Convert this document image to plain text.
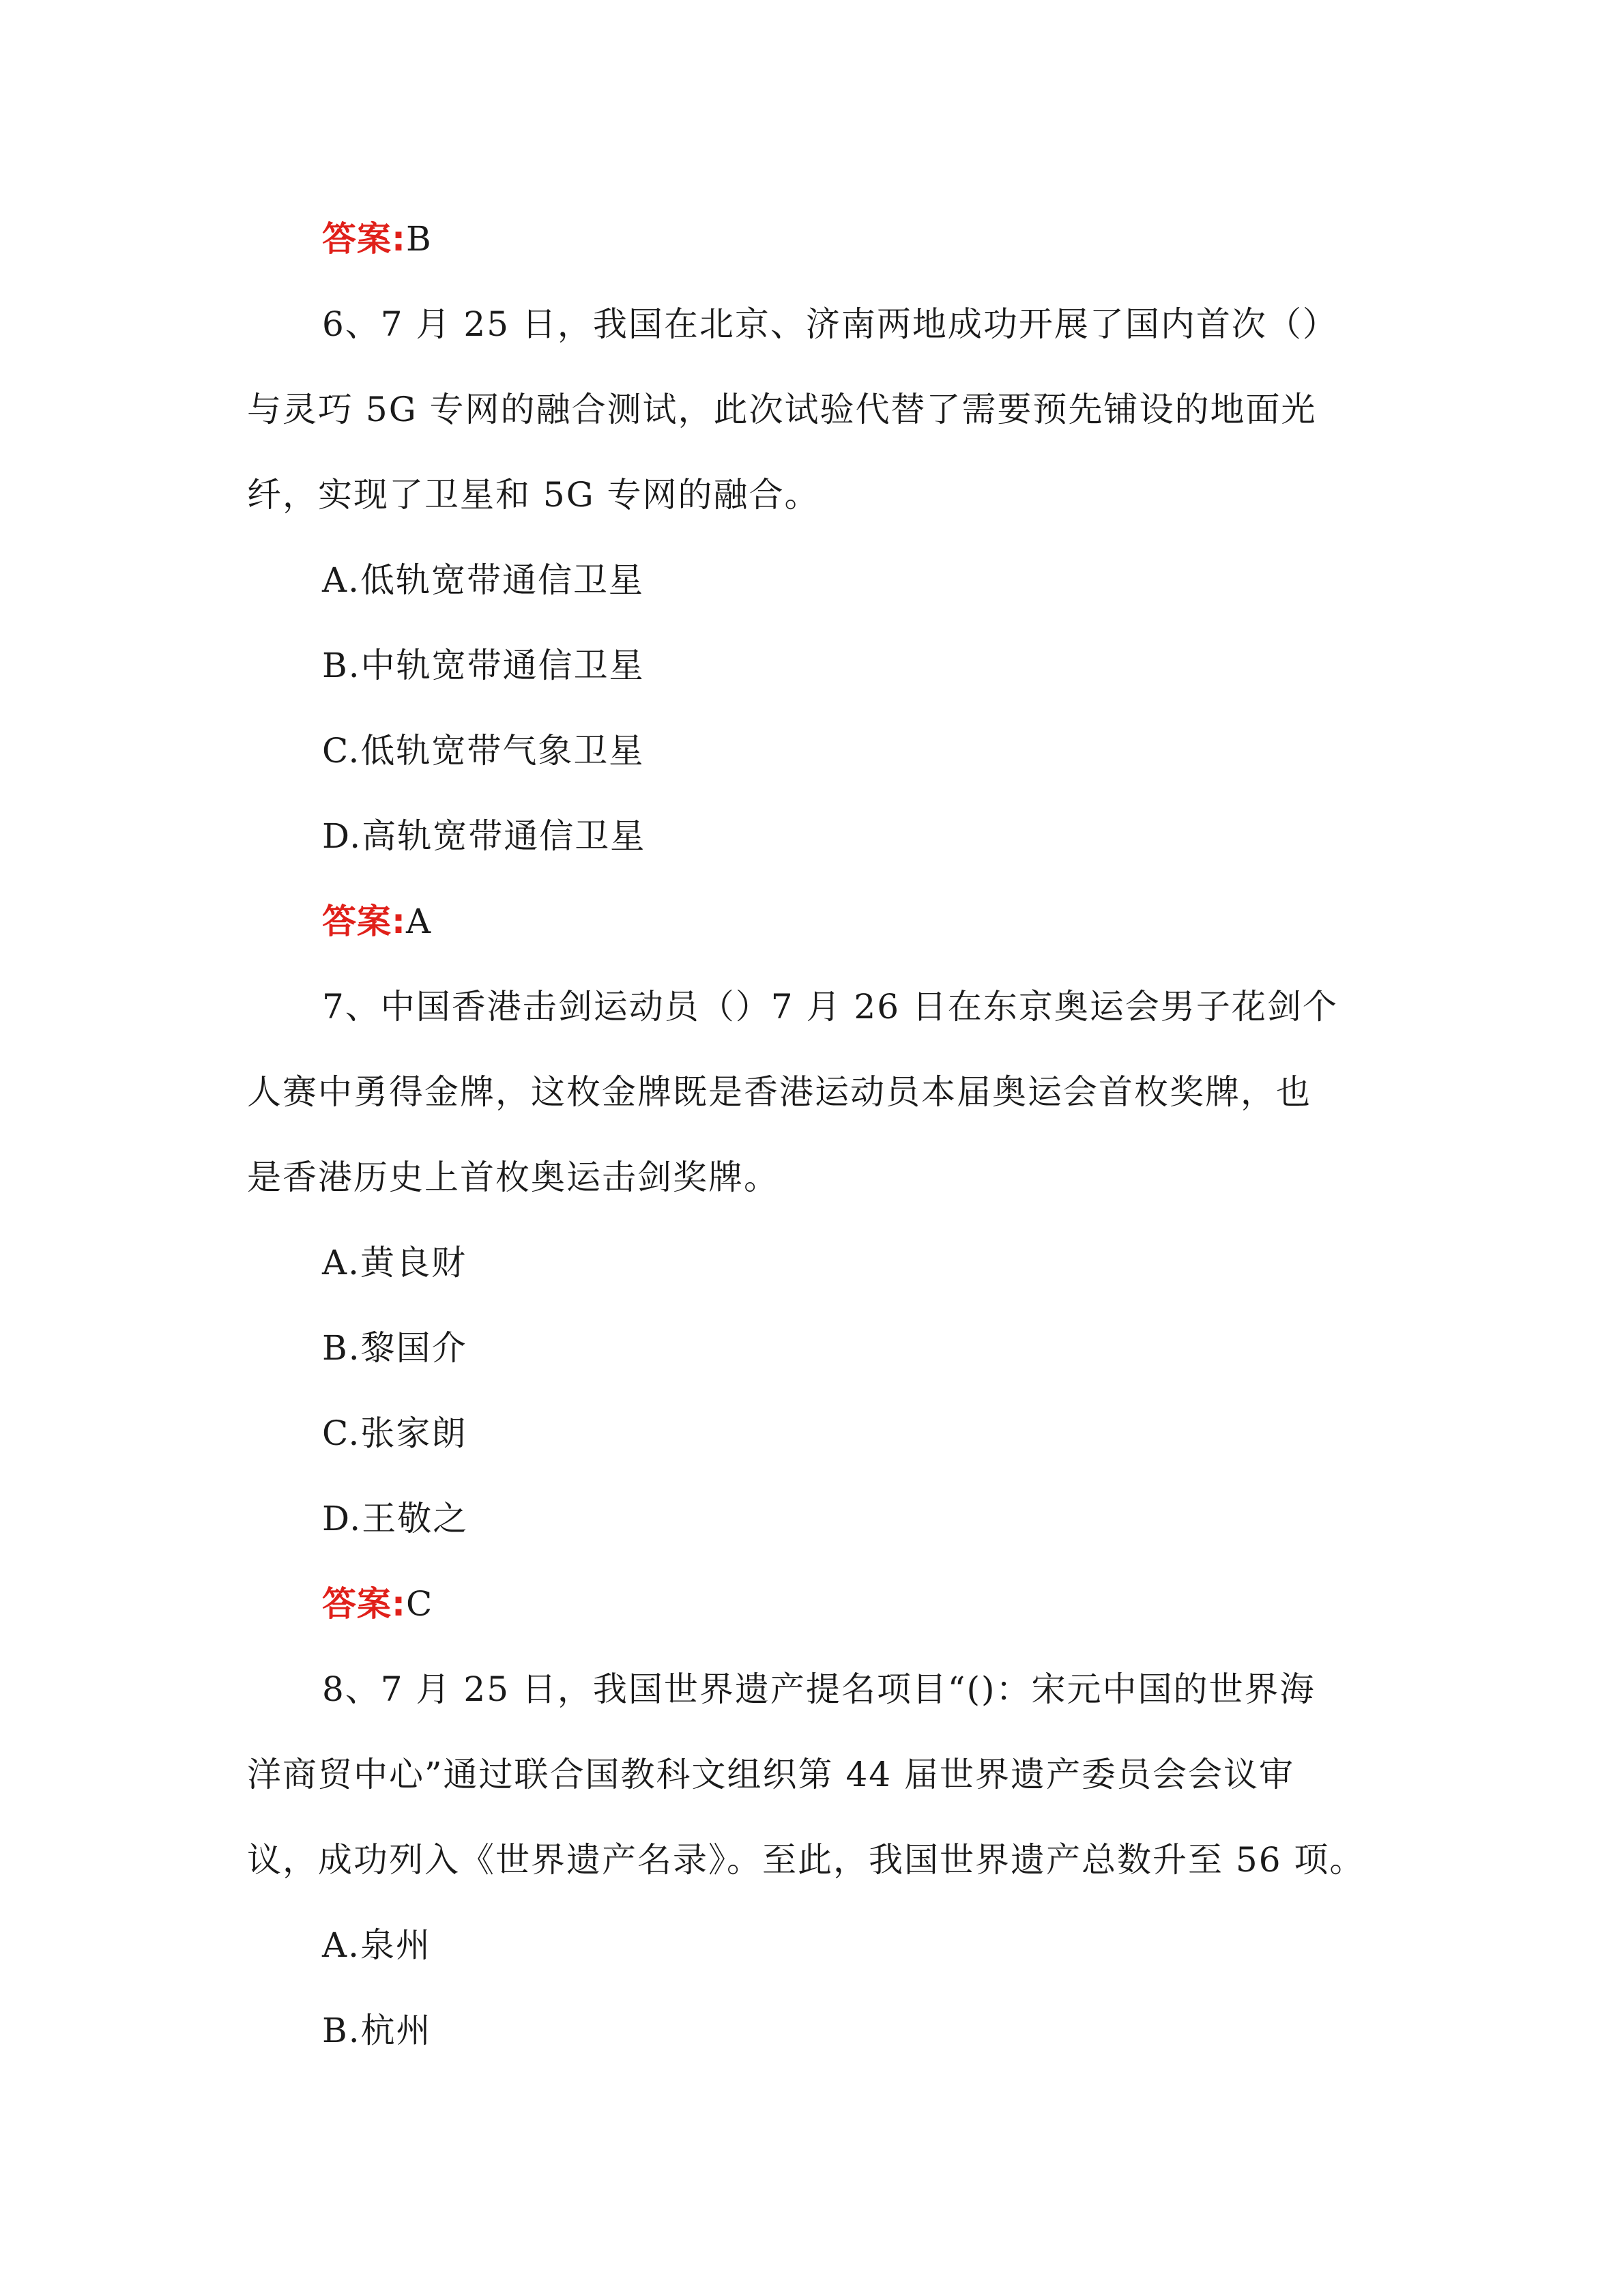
答案:B
6、7 月 25 日，我国在北京、济南两地成功开展了国内首次（）
与灵巧 5G 专网的融合测试，此次试验代替了需要预先铺设的地面光
纤，实现了卫星和 5G 专网的融合。
A.低轨宽带通信卫星
B.中轨宽带通信卫星
C.低轨宽带气象卫星
D.高轨宽带通信卫星
答案:A
7、中国香港击剑运动员（）7 月 26 日在东京奥运会男子花剑个
人赛中勇得金牌，这枚金牌既是香港运动员本届奥运会首枚奖牌，也
是香港历史上首枚奥运击剑奖牌。
A.黄良财
B.黎国介
C.张家朗
D.王敬之
答案:C
8、7 月 25 日，我国世界遗产提名项目“()：宋元中国的世界海
洋商贸中心”通过联合国教科文组织第 44 届世界遗产委员会会议审
议，成功列入《世界遗产名录》。至此，我国世界遗产总数升至 56 项。
A.泉州
B.杭州
